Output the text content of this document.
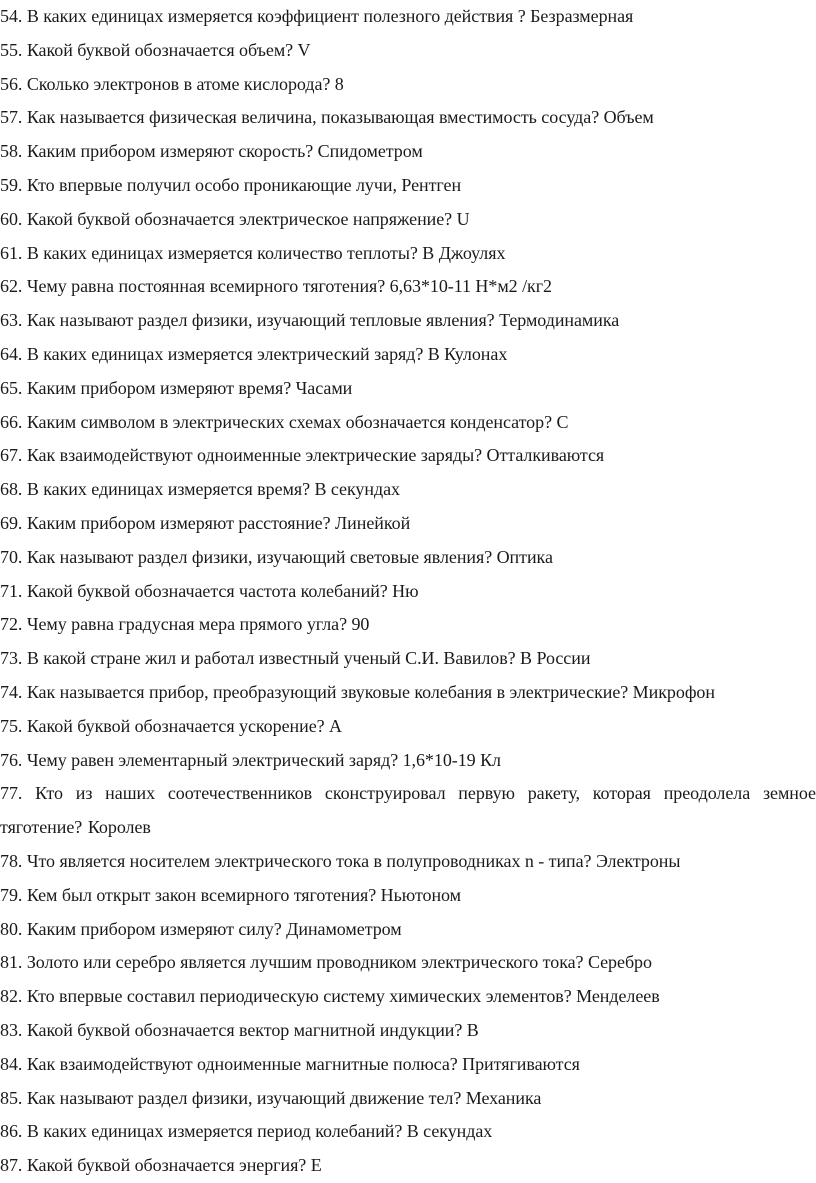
54. В каких единицах измеряется коэффициент полезного действия ? Безразмерная
55. Какой буквой обозначается объем? V
56. Сколько электронов в атоме кислорода? 8
57. Как называется физическая величина, показывающая вместимость сосуда? Объем
58. Каким прибором измеряют скорость? Спидометром
59. Кто впервые получил особо проникающие лучи, Рентген
60. Какой буквой обозначается электрическое напряжение? U
61. В каких единицах измеряется количество теплоты? В Джоулях
62. Чему равна постоянная всемирного тяготения? 6,63*10-11 Н*м2 /кг2
63. Как называют раздел физики, изучающий тепловые явления? Термодинамика
64. В каких единицах измеряется электрический заряд? В Кулонах
65. Каким прибором измеряют время? Часами
66. Каким символом в электрических схемах обозначается конденсатор? С
67. Как взаимодействуют одноименные электрические заряды? Отталкиваются
68. В каких единицах измеряется время? В секундах
69. Каким прибором измеряют расстояние? Линейкой
70. Как называют раздел физики, изучающий световые явления? Оптика
71. Какой буквой обозначается частота колебаний? Ню
72. Чему равна градусная мера прямого угла? 90
73. В какой стране жил и работал известный ученый С.И. Вавилов? В России
74. Как называется прибор, преобразующий звуковые колебания в электрические? Микрофон
75. Какой буквой обозначается ускорение? А
76. Чему равен элементарный электрический заряд? 1,6*10-19 Кл
77. Кто из наших соотечественников сконструировал первую ракету, которая преодолела земное тяготение? Королев
78. Что является носителем электрического тока в полупроводниках n - типа? Электроны
79. Кем был открыт закон всемирного тяготения? Ньютоном
80. Каким прибором измеряют силу? Динамометром
81. Золото или серебро является лучшим проводником электрического тока? Серебро
82. Кто впервые составил периодическую систему химических элементов? Менделеев
83. Какой буквой обозначается вектор магнитной индукции? В
84. Как взаимодействуют одноименные магнитные полюса? Притягиваются
85. Как называют раздел физики, изучающий движение тел? Механика
86. В каких единицах измеряется период колебаний? В секундах
87. Какой буквой обозначается энергия? Е
